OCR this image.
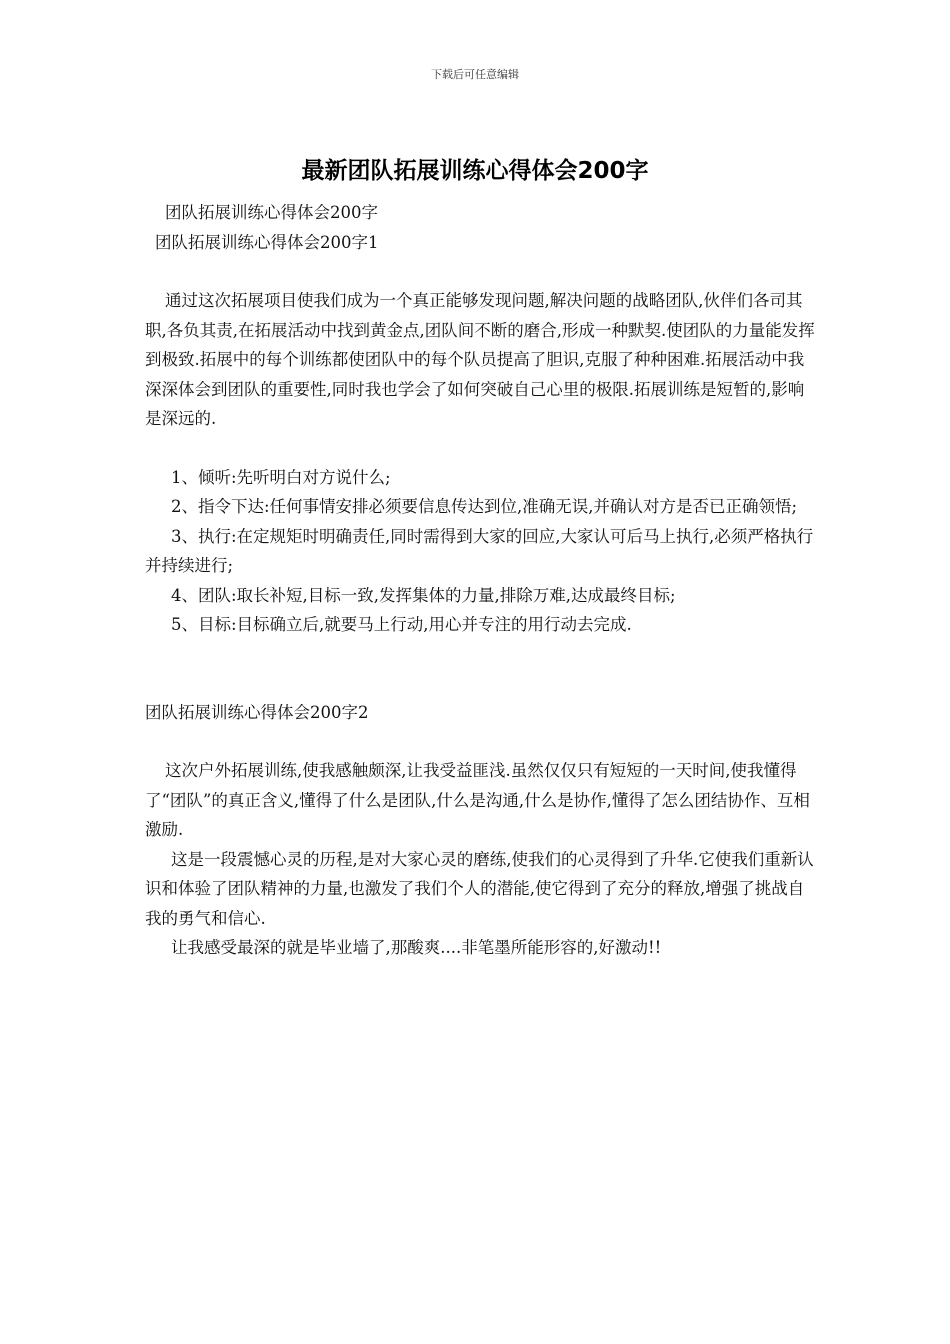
下载后可任意编辑
最新团队拓展训练心得体会200字

团队拓展训练心得体会200字

团队拓展训练心得体会200字1

通过这次拓展项目使我们成为一个真正能够发现问题,解决问题的战略团队,伙伴们各司其职,各负其责,在拓展活动中找到黄金点,团队间不断的磨合,形成一种默契.使团队的力量能发挥到极致.拓展中的每个训练都使团队中的每个队员提高了胆识,克服了种种困难.拓展活动中我深深体会到团队的重要性,同时我也学会了如何突破自己心里的极限.拓展训练是短暂的,影响是深远的.

1、倾听:先听明白对方说什么;

2、指令下达:任何事情安排必须要信息传达到位,准确无误,并确认对方是否已正确领悟;

3、执行:在定规矩时明确责任,同时需得到大家的回应,大家认可后马上执行,必须严格执行并持续进行;

4、团队:取长补短,目标一致,发挥集体的力量,排除万难,达成最终目标;

5、目标:目标确立后,就要马上行动,用心并专注的用行动去完成.

团队拓展训练心得体会200字2

这次户外拓展训练,使我感触颇深,让我受益匪浅.虽然仅仅只有短短的一天时间,使我懂得了“团队”的真正含义,懂得了什么是团队,什么是沟通,什么是协作,懂得了怎么团结协作、互相激励.

这是一段震憾心灵的历程,是对大家心灵的磨练,使我们的心灵得到了升华.它使我们重新认识和体验了团队精神的力量,也激发了我们个人的潜能,使它得到了充分的释放,增强了挑战自我的勇气和信心.

让我感受最深的就是毕业墙了,那酸爽....非笔墨所能形容的,好激动!!
